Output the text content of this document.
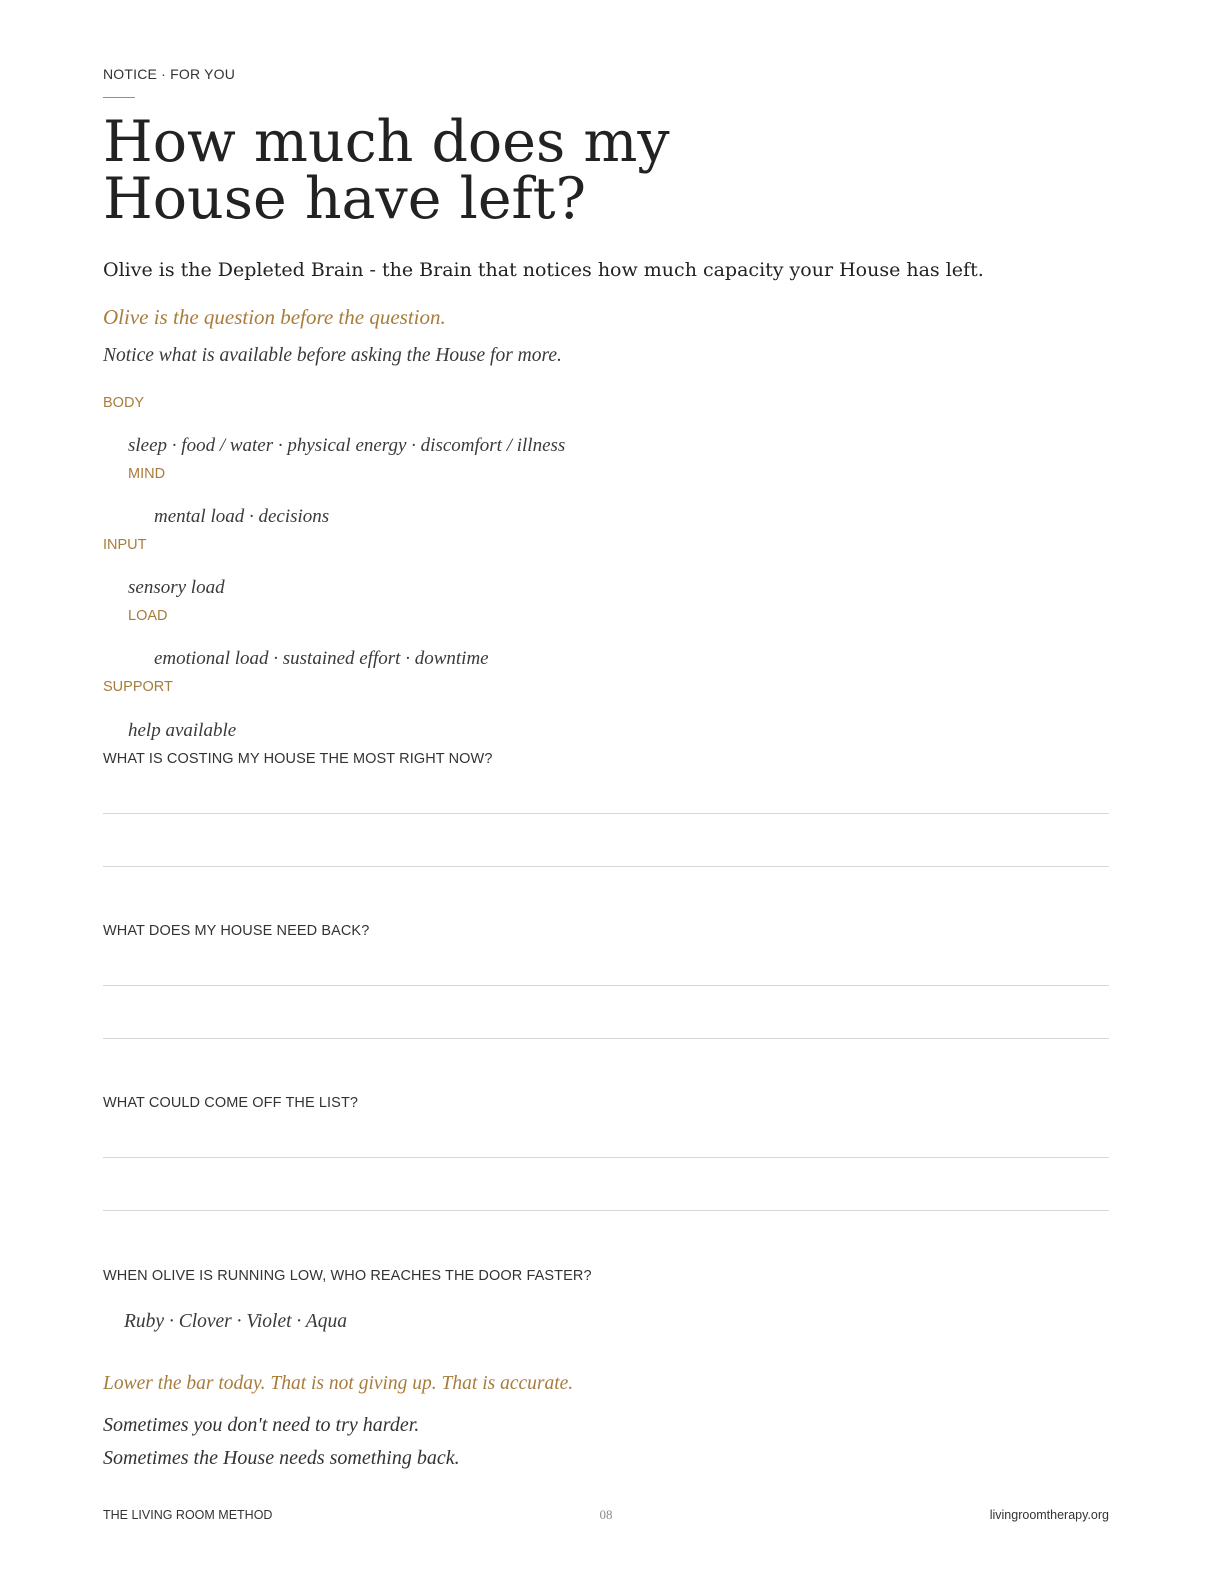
NOTICE · FOR YOU
How much does my
House have left?
Olive is the Depleted Brain - the Brain that notices how much capacity your House has left.
Olive is the question before the question.
Notice what is available before asking the House for more.
BODY
sleep · food / water · physical energy · discomfort / illness
MIND
mental load · decisions
INPUT
sensory load
LOAD
emotional load · sustained effort · downtime
SUPPORT
help available
WHAT IS COSTING MY HOUSE THE MOST RIGHT NOW?
WHAT DOES MY HOUSE NEED BACK?
WHAT COULD COME OFF THE LIST?
WHEN OLIVE IS RUNNING LOW, WHO REACHES THE DOOR FASTER?
Ruby · Clover · Violet · Aqua
Lower the bar today. That is not giving up. That is accurate.
Sometimes you don't need to try harder.
Sometimes the House needs something back.
THE LIVING ROOM METHOD	08	livingroomtherapy.org
